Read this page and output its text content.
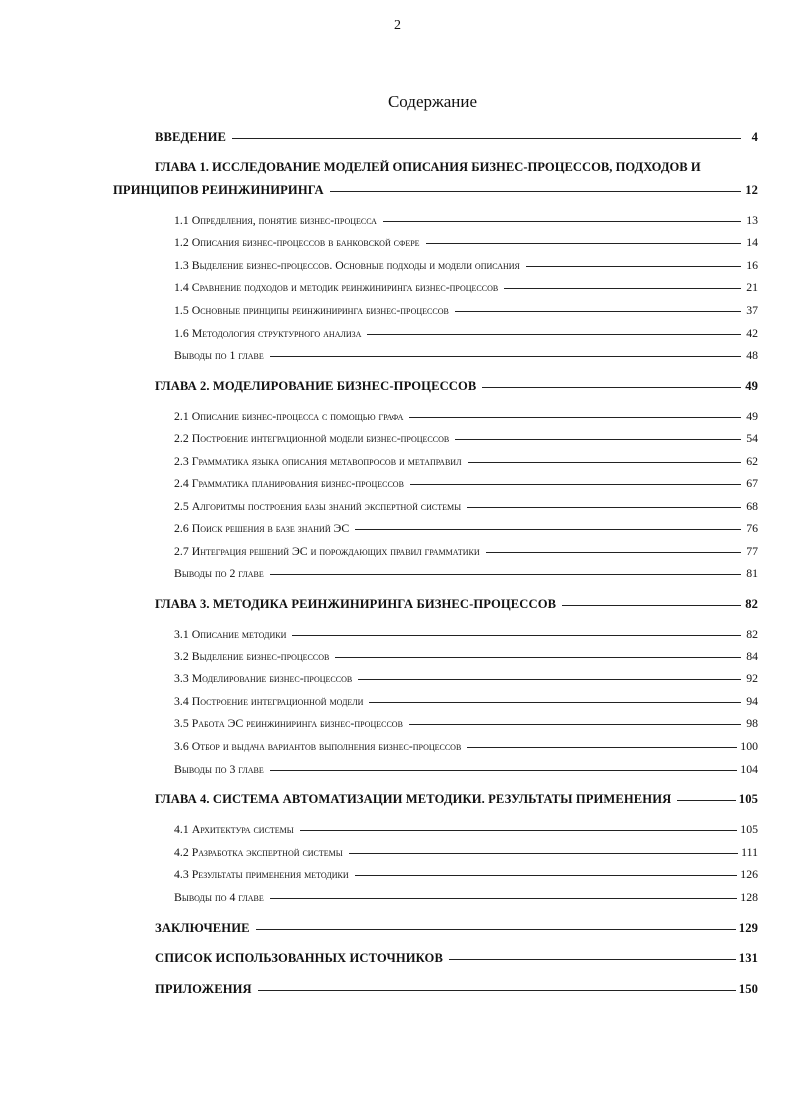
2
Содержание
ВВЕДЕНИЕ	4
ГЛАВА 1. ИССЛЕДОВАНИЕ МОДЕЛЕЙ ОПИСАНИЯ БИЗНЕС-ПРОЦЕССОВ, ПОДХОДОВ И
ПРИНЦИПОВ РЕИНЖИНИРИНГА	12
1.1 Определения, понятие бизнес-процесса	13
1.2 Описания бизнес-процессов в банковской сфере	14
1.3 Выделение бизнес-процессов. Основные подходы и модели описания	16
1.4 Сравнение подходов и методик реинжиниринга бизнес-процессов	21
1.5 Основные принципы реинжиниринга бизнес-процессов	37
1.6 Методология структурного анализа	42
Выводы по 1 главе	48
ГЛАВА 2. МОДЕЛИРОВАНИЕ БИЗНЕС-ПРОЦЕССОВ	49
2.1 Описание бизнес-процесса с помощью графа	49
2.2 Построение интеграционной модели бизнес-процессов	54
2.3 Грамматика языка описания метавопросов и метаправил	62
2.4 Грамматика планирования бизнес-процессов	67
2.5 Алгоритмы построения базы знаний экспертной системы	68
2.6 Поиск решения в базе знаний ЭС	76
2.7 Интеграция решений ЭС и порождающих правил грамматики	77
Выводы по 2 главе	81
ГЛАВА 3. МЕТОДИКА РЕИНЖИНИРИНГА БИЗНЕС-ПРОЦЕССОВ	82
3.1 Описание методики	82
3.2 Выделение бизнес-процессов	84
3.3 Моделирование бизнес-процессов	92
3.4 Построение интеграционной модели	94
3.5 Работа ЭС реинжиниринга бизнес-процессов	98
3.6 Отбор и выдача вариантов выполнения бизнес-процессов	100
Выводы по 3 главе	104
ГЛАВА 4. СИСТЕМА АВТОМАТИЗАЦИИ МЕТОДИКИ. РЕЗУЛЬТАТЫ ПРИМЕНЕНИЯ	105
4.1 Архитектура системы	105
4.2 Разработка экспертной системы	111
4.3 Результаты применения методики	126
Выводы по 4 главе	128
ЗАКЛЮЧЕНИЕ	129
СПИСОК ИСПОЛЬЗОВАННЫХ ИСТОЧНИКОВ	131
ПРИЛОЖЕНИЯ	150
